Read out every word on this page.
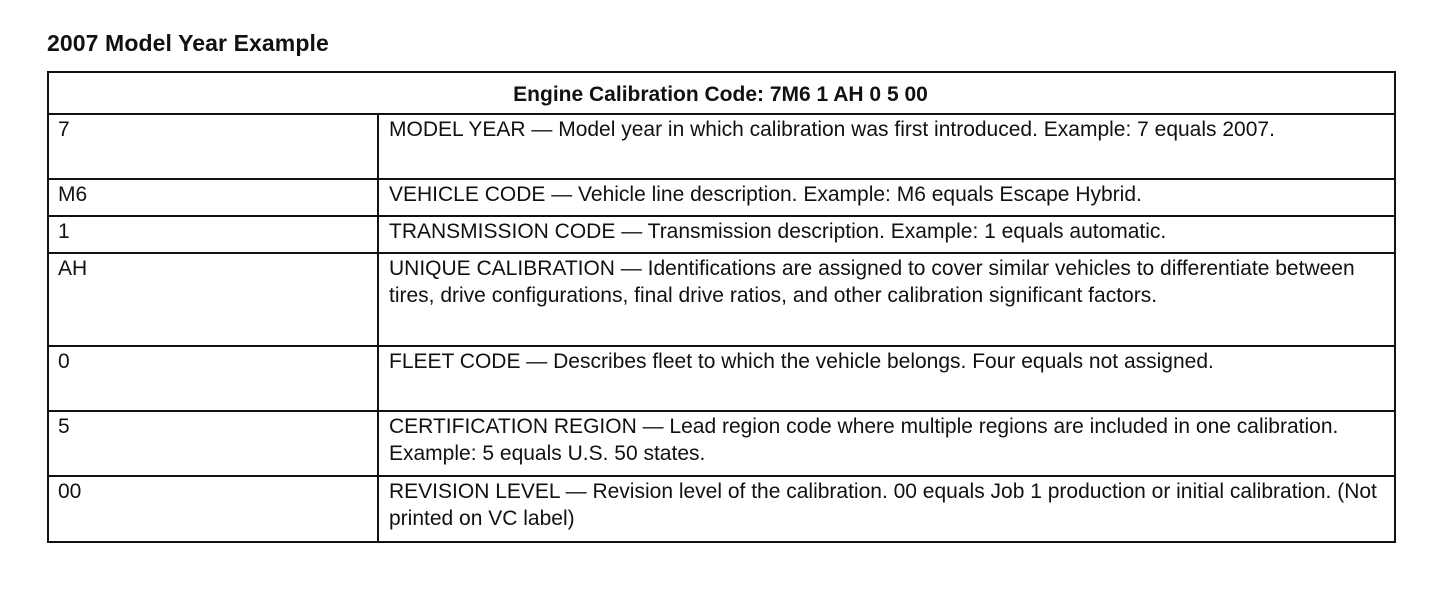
2007 Model Year Example
Engine Calibration Code: 7M6 1 AH 0 5 00	
7	MODEL YEAR — Model year in which calibration was first introduced. Example: 7 equals 2007.
M6	VEHICLE CODE — Vehicle line description. Example: M6 equals Escape Hybrid.
1	TRANSMISSION CODE — Transmission description. Example: 1 equals automatic.
AH	UNIQUE CALIBRATION — Identifications are assigned to cover similar vehicles to differentiate between tires, drive configurations, final drive ratios, and other calibration significant factors.
0	FLEET CODE — Describes fleet to which the vehicle belongs. Four equals not assigned.
5	CERTIFICATION REGION — Lead region code where multiple regions are included in one calibration. Example: 5 equals U.S. 50 states.
00	REVISION LEVEL — Revision level of the calibration. 00 equals Job 1 production or initial calibration. (Not printed on VC label)
